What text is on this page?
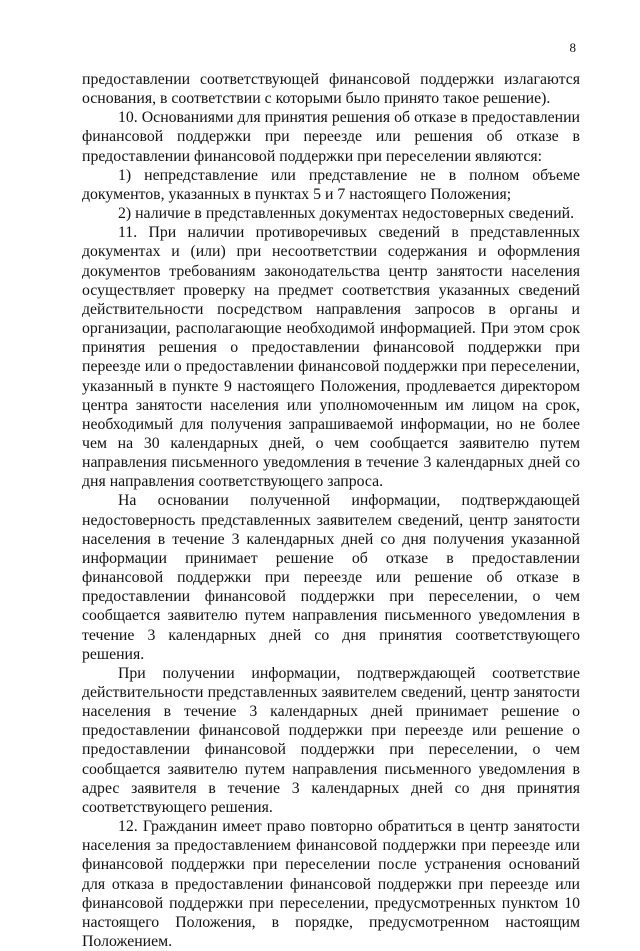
8

предоставлении соответствующей финансовой поддержки излагаются основания, в соответствии с которыми было принято такое решение).

10. Основаниями для принятия решения об отказе в предоставлении финансовой поддержки при переезде или решения об отказе в предоставлении финансовой поддержки при переселении являются:

1) непредставление или представление не в полном объеме документов, указанных в пунктах 5 и 7 настоящего Положения;

2) наличие в представленных документах недостоверных сведений.

11. При наличии противоречивых сведений в представленных документах и (или) при несоответствии содержания и оформления документов требованиям законодательства центр занятости населения осуществляет проверку на предмет соответствия указанных сведений действительности посредством направления запросов в органы и организации, располагающие необходимой информацией. При этом срок принятия решения о предоставлении финансовой поддержки при переезде или о предоставлении финансовой поддержки при переселении, указанный в пункте 9 настоящего Положения, продлевается директором центра занятости населения или уполномоченным им лицом на срок, необходимый для получения запрашиваемой информации, но не более чем на 30 календарных дней, о чем сообщается заявителю путем направления письменного уведомления в течение 3 календарных дней со дня направления соответствующего запроса.

На основании полученной информации, подтверждающей недостоверность представленных заявителем сведений, центр занятости населения в течение 3 календарных дней со дня получения указанной информации принимает решение об отказе в предоставлении финансовой поддержки при переезде или решение об отказе в предоставлении финансовой поддержки при переселении, о чем сообщается заявителю путем направления письменного уведомления в течение 3 календарных дней со дня принятия соответствующего решения.

При получении информации, подтверждающей соответствие действительности представленных заявителем сведений, центр занятости населения в течение 3 календарных дней принимает решение о предоставлении финансовой поддержки при переезде или решение о предоставлении финансовой поддержки при переселении, о чем сообщается заявителю путем направления письменного уведомления в адрес заявителя в течение 3 календарных дней со дня принятия соответствующего решения.

12. Гражданин имеет право повторно обратиться в центр занятости населения за предоставлением финансовой поддержки при переезде или финансовой поддержки при переселении после устранения оснований для отказа в предоставлении финансовой поддержки при переезде или финансовой поддержки при переселении, предусмотренных пунктом 10 настоящего Положения, в порядке, предусмотренном настоящим Положением.
